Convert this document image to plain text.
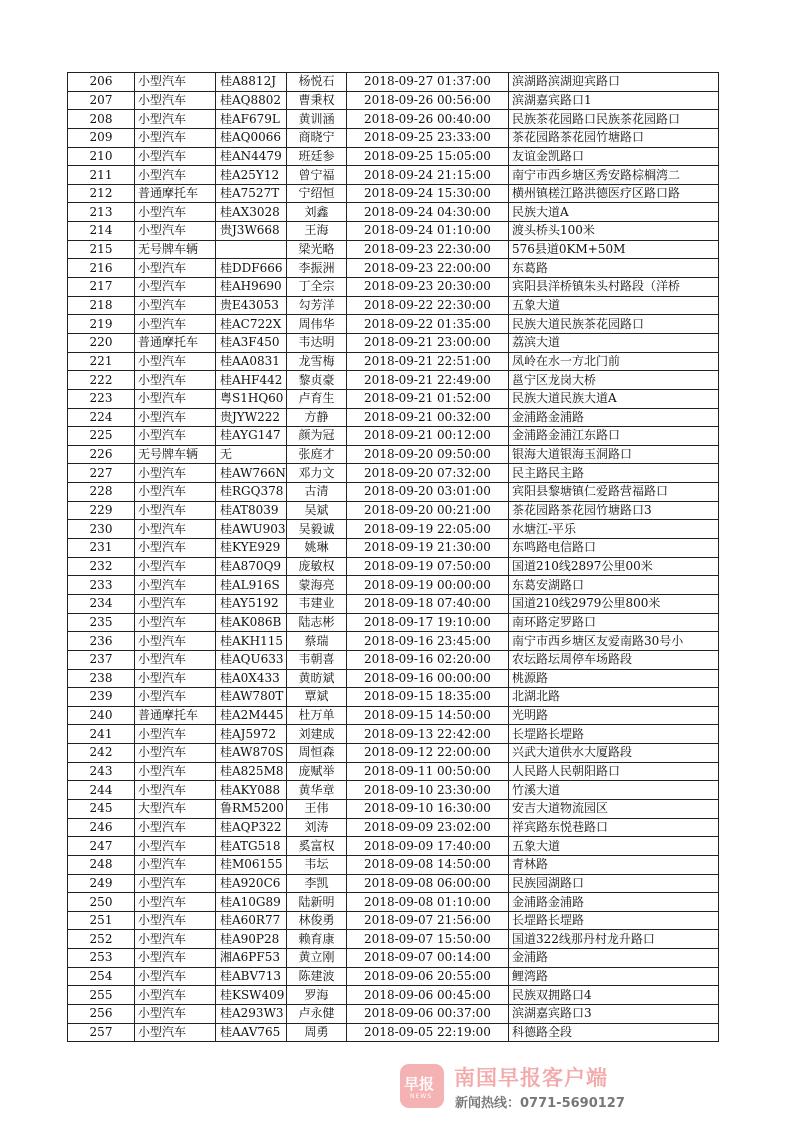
206	小型汽车	桂A8812J	杨悦石	2018-09-27 01:37:00	滨湖路滨湖迎宾路口
207	小型汽车	桂AQ8802	曹秉权	2018-09-26 00:56:00	滨湖嘉宾路口1
208	小型汽车	桂AF679L	黄训涵	2018-09-26 00:40:00	民族茶花园路口民族茶花园路口
209	小型汽车	桂AQ0066	商晓宁	2018-09-25 23:33:00	茶花园路茶花园竹塘路口
210	小型汽车	桂AN4479	班廷参	2018-09-25 15:05:00	友谊金凯路口
211	小型汽车	桂A25Y12	曾宁福	2018-09-24 21:15:00	南宁市西乡塘区秀安路棕榈湾二
212	普通摩托车	桂A7527T	宁绍恒	2018-09-24 15:30:00	横州镇槎江路洪德医疗区路口路
213	小型汽车	桂AX3028	刘鑫	2018-09-24 04:30:00	民族大道A
214	小型汽车	贵J3W668	王海	2018-09-24 01:10:00	渡头桥头100米
215	无号牌车辆		梁光略	2018-09-23 22:30:00	576县道0KM+50M
216	小型汽车	桂DDF666	李振洲	2018-09-23 22:00:00	东葛路
217	小型汽车	桂AH9690	丁全宗	2018-09-23 20:30:00	宾阳县洋桥镇朱头村路段（洋桥
218	小型汽车	贵E43053	勾芳洋	2018-09-22 22:30:00	五象大道
219	小型汽车	桂AC722X	周伟华	2018-09-22 01:35:00	民族大道民族茶花园路口
220	普通摩托车	桂A3F450	韦达明	2018-09-21 23:00:00	荔滨大道
221	小型汽车	桂AA0831	龙雪梅	2018-09-21 22:51:00	凤岭在水一方北门前
222	小型汽车	桂AHF442	黎贞豪	2018-09-21 22:49:00	邕宁区龙岗大桥
223	小型汽车	粤S1HQ60	卢育生	2018-09-21 01:52:00	民族大道民族大道A
224	小型汽车	贵JYW222	方静	2018-09-21 00:32:00	金浦路金浦路
225	小型汽车	桂AYG147	颜为冠	2018-09-21 00:12:00	金浦路金浦江东路口
226	无号牌车辆	无	张庭才	2018-09-20 09:50:00	银海大道银海玉洞路口
227	小型汽车	桂AW766N	邓力文	2018-09-20 07:32:00	民主路民主路
228	小型汽车	桂RGQ378	古清	2018-09-20 03:01:00	宾阳县黎塘镇仁爱路营福路口
229	小型汽车	桂AT8039	吴斌	2018-09-20 00:21:00	茶花园路茶花园竹塘路口3
230	小型汽车	桂AWU903	吴毅诚	2018-09-19 22:05:00	水塘江-平乐
231	小型汽车	桂KYE929	姚琳	2018-09-19 21:30:00	东鸣路电信路口
232	小型汽车	桂A870Q9	庞敏权	2018-09-19 07:50:00	国道210线2897公里00米
233	小型汽车	桂AL916S	蒙海亮	2018-09-19 00:00:00	东葛安湖路口
234	小型汽车	桂AY5192	韦建业	2018-09-18 07:40:00	国道210线2979公里800米
235	小型汽车	桂AK086B	陆志彬	2018-09-17 19:10:00	南环路定罗路口
236	小型汽车	桂AKH115	蔡瑞	2018-09-16 23:45:00	南宁市西乡塘区友爱南路30号小
237	小型汽车	桂AQU633	韦朝喜	2018-09-16 02:20:00	农坛路坛周停车场路段
238	小型汽车	桂A0X433	黄昉斌	2018-09-16 00:00:00	桃源路
239	小型汽车	桂AW780T	覃斌	2018-09-15 18:35:00	北湖北路
240	普通摩托车	桂A2M445	杜万单	2018-09-15 14:50:00	光明路
241	小型汽车	桂AJ5972	刘建成	2018-09-13 22:42:00	长堽路长堽路
242	小型汽车	桂AW870S	周恒森	2018-09-12 22:00:00	兴武大道供水大厦路段
243	小型汽车	桂A825M8	庞赋举	2018-09-11 00:50:00	人民路人民朝阳路口
244	小型汽车	桂AKY088	黄华章	2018-09-10 23:30:00	竹溪大道
245	大型汽车	鲁RM5200	王伟	2018-09-10 16:30:00	安吉大道物流园区
246	小型汽车	桂AQP322	刘涛	2018-09-09 23:02:00	祥宾路东悦巷路口
247	小型汽车	桂ATG518	奚富权	2018-09-09 17:40:00	五象大道
248	小型汽车	桂M06155	韦坛	2018-09-08 14:50:00	青林路
249	小型汽车	桂A920C6	李凯	2018-09-08 06:00:00	民族园湖路口
250	小型汽车	桂A10G89	陆新明	2018-09-08 01:10:00	金浦路金浦路
251	小型汽车	桂A60R77	林俊勇	2018-09-07 21:56:00	长堽路长堽路
252	小型汽车	桂A90P28	赖育康	2018-09-07 15:50:00	国道322线那丹村龙升路口
253	小型汽车	湘A6PF53	黄立刚	2018-09-07 00:14:00	金浦路
254	小型汽车	桂ABV713	陈建波	2018-09-06 20:55:00	鲤湾路
255	小型汽车	桂KSW409	罗海	2018-09-06 00:45:00	民族双拥路口4
256	小型汽车	桂A293W3	卢永健	2018-09-06 00:37:00	滨湖嘉宾路口3
257	小型汽车	桂AAV765	周勇	2018-09-05 22:19:00	科德路全段
早报
NEWS
南国早报客户端
新闻热线：0771-5690127
